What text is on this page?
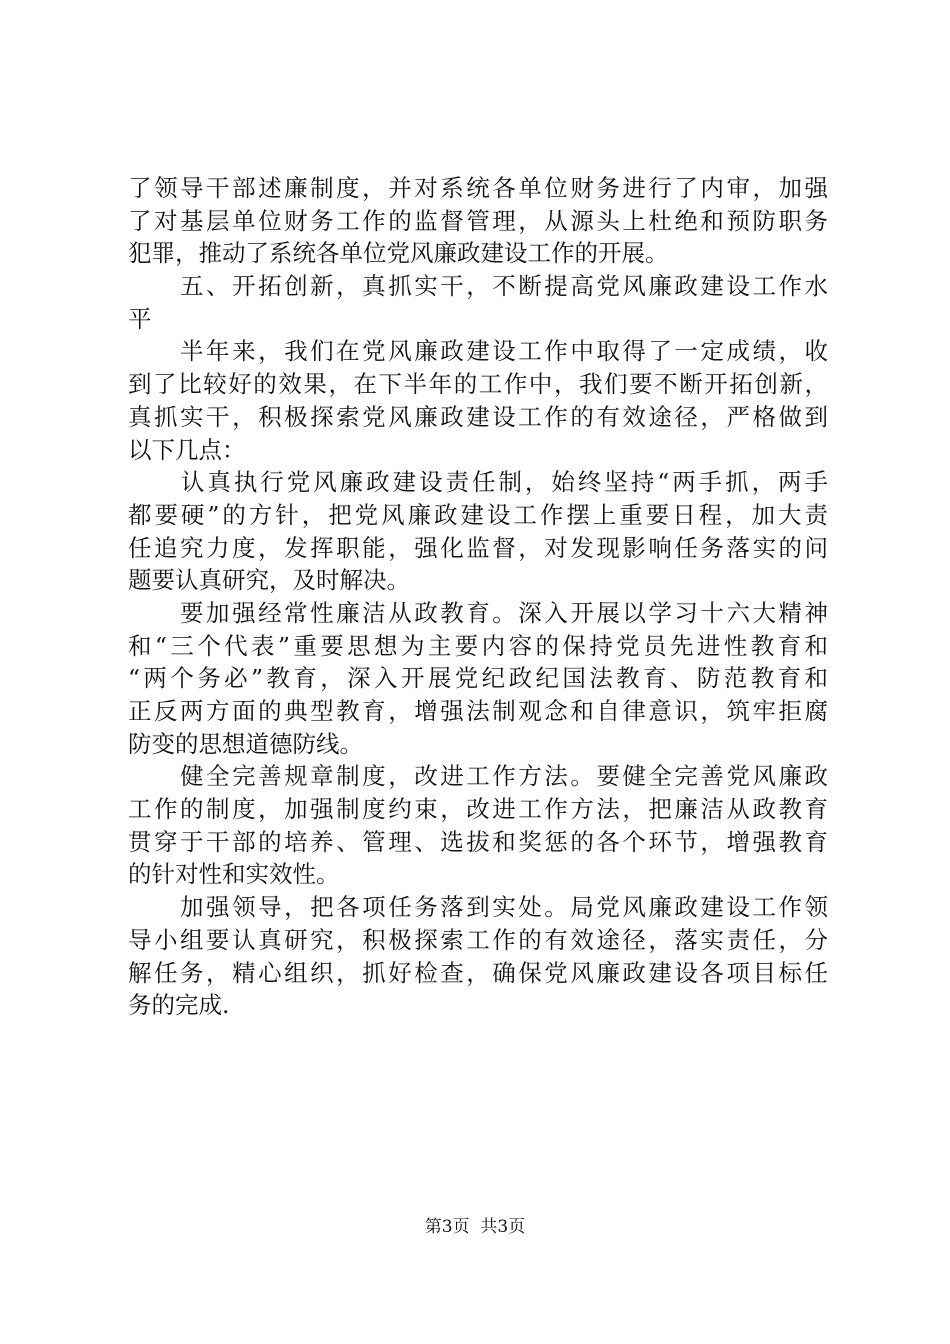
了领导干部述廉制度，并对系统各单位财务进行了内审，加强
了对基层单位财务工作的监督管理，从源头上杜绝和预防职务
犯罪，推动了系统各单位党风廉政建设工作的开展。
　　五、开拓创新，真抓实干，不断提高党风廉政建设工作水
平
　　半年来，我们在党风廉政建设工作中取得了一定成绩，收
到了比较好的效果，在下半年的工作中，我们要不断开拓创新，
真抓实干，积极探索党风廉政建设工作的有效途径，严格做到
以下几点：
　　认真执行党风廉政建设责任制，始终坚持“两手抓，两手
都要硬”的方针，把党风廉政建设工作摆上重要日程，加大责
任追究力度，发挥职能，强化监督，对发现影响任务落实的问
题要认真研究，及时解决。
　　要加强经常性廉洁从政教育。深入开展以学习十六大精神
和“三个代表”重要思想为主要内容的保持党员先进性教育和
“两个务必”教育，深入开展党纪政纪国法教育、防范教育和
正反两方面的典型教育，增强法制观念和自律意识，筑牢拒腐
防变的思想道德防线。
　　健全完善规章制度，改进工作方法。要健全完善党风廉政
工作的制度，加强制度约束，改进工作方法，把廉洁从政教育
贯穿于干部的培养、管理、选拔和奖惩的各个环节，增强教育
的针对性和实效性。
　　加强领导，把各项任务落到实处。局党风廉政建设工作领
导小组要认真研究，积极探索工作的有效途径，落实责任，分
解任务，精心组织，抓好检查，确保党风廉政建设各项目标任
务的完成.
第3页  共3页
